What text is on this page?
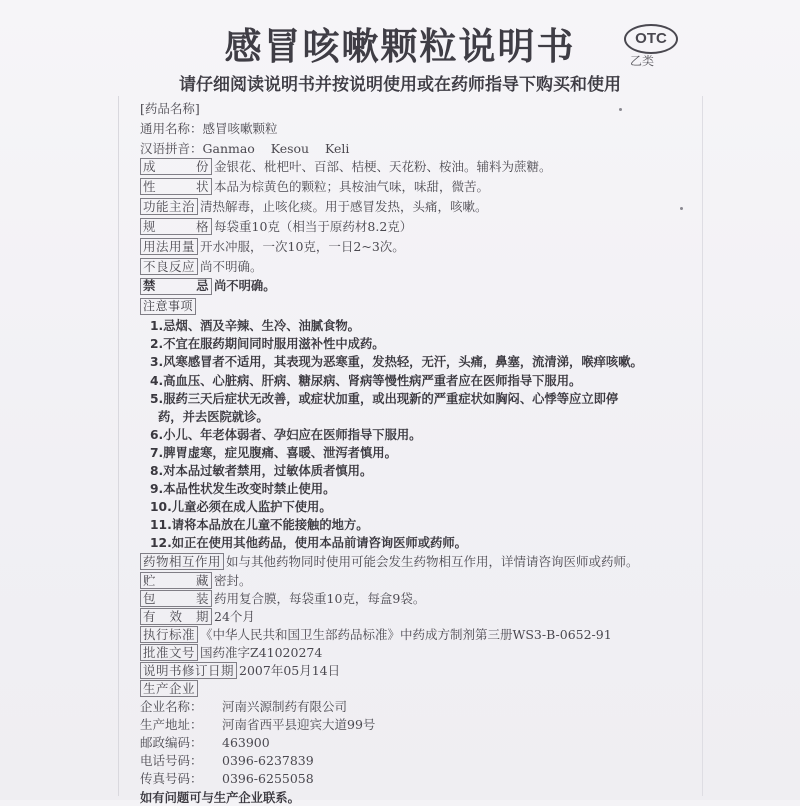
感冒咳嗽颗粒说明书	OTC
乙类
请仔细阅读说明书并按说明使用或在药师指导下购买和使用
[药品名称]
通用名称：感冒咳嗽颗粒
汉语拼音：Ganmao    Kesou    Keli
成　份 金银花、枇杷叶、百部、桔梗、天花粉、桉油。辅料为蔗糖。
性　状 本品为棕黄色的颗粒；具桉油气味，味甜，微苦。
功能主治 清热解毒，止咳化痰。用于感冒发热，头痛，咳嗽。
规　格 每袋重10克（相当于原药材8.2克）
用法用量 开水冲服，一次10克，一日2~3次。
不良反应 尚不明确。
禁　忌 尚不明确。
注意事项
1.忌烟、酒及辛辣、生冷、油腻食物。
2.不宜在服药期间同时服用滋补性中成药。
3.风寒感冒者不适用，其表现为恶寒重，发热轻，无汗，头痛，鼻塞，流清涕，喉痒咳嗽。
4.高血压、心脏病、肝病、糖尿病、肾病等慢性病严重者应在医师指导下服用。
5.服药三天后症状无改善，或症状加重，或出现新的严重症状如胸闷、心悸等应立即停
药，并去医院就诊。
6.小儿、年老体弱者、孕妇应在医师指导下服用。
7.脾胃虚寒，症见腹痛、喜暖、泄泻者慎用。
8.对本品过敏者禁用，过敏体质者慎用。
9.本品性状发生改变时禁止使用。
10.儿童必须在成人监护下使用。
11.请将本品放在儿童不能接触的地方。
12.如正在使用其他药品，使用本品前请咨询医师或药师。
药物相互作用 如与其他药物同时使用可能会发生药物相互作用，详情请咨询医师或药师。
贮　藏 密封。
包　装 药用复合膜，每袋重10克，每盒9袋。
有 效 期 24个月
执行标准 《中华人民共和国卫生部药品标准》中药成方制剂第三册WS3-B-0652-91
批准文号 国药准字Z41020274
说明书修订日期 2007年05月14日
生产企业
企业名称： 河南兴源制药有限公司
生产地址： 河南省西平县迎宾大道99号
邮政编码： 463900
电话号码： 0396-6237839
传真号码： 0396-6255058
如有问题可与生产企业联系。
